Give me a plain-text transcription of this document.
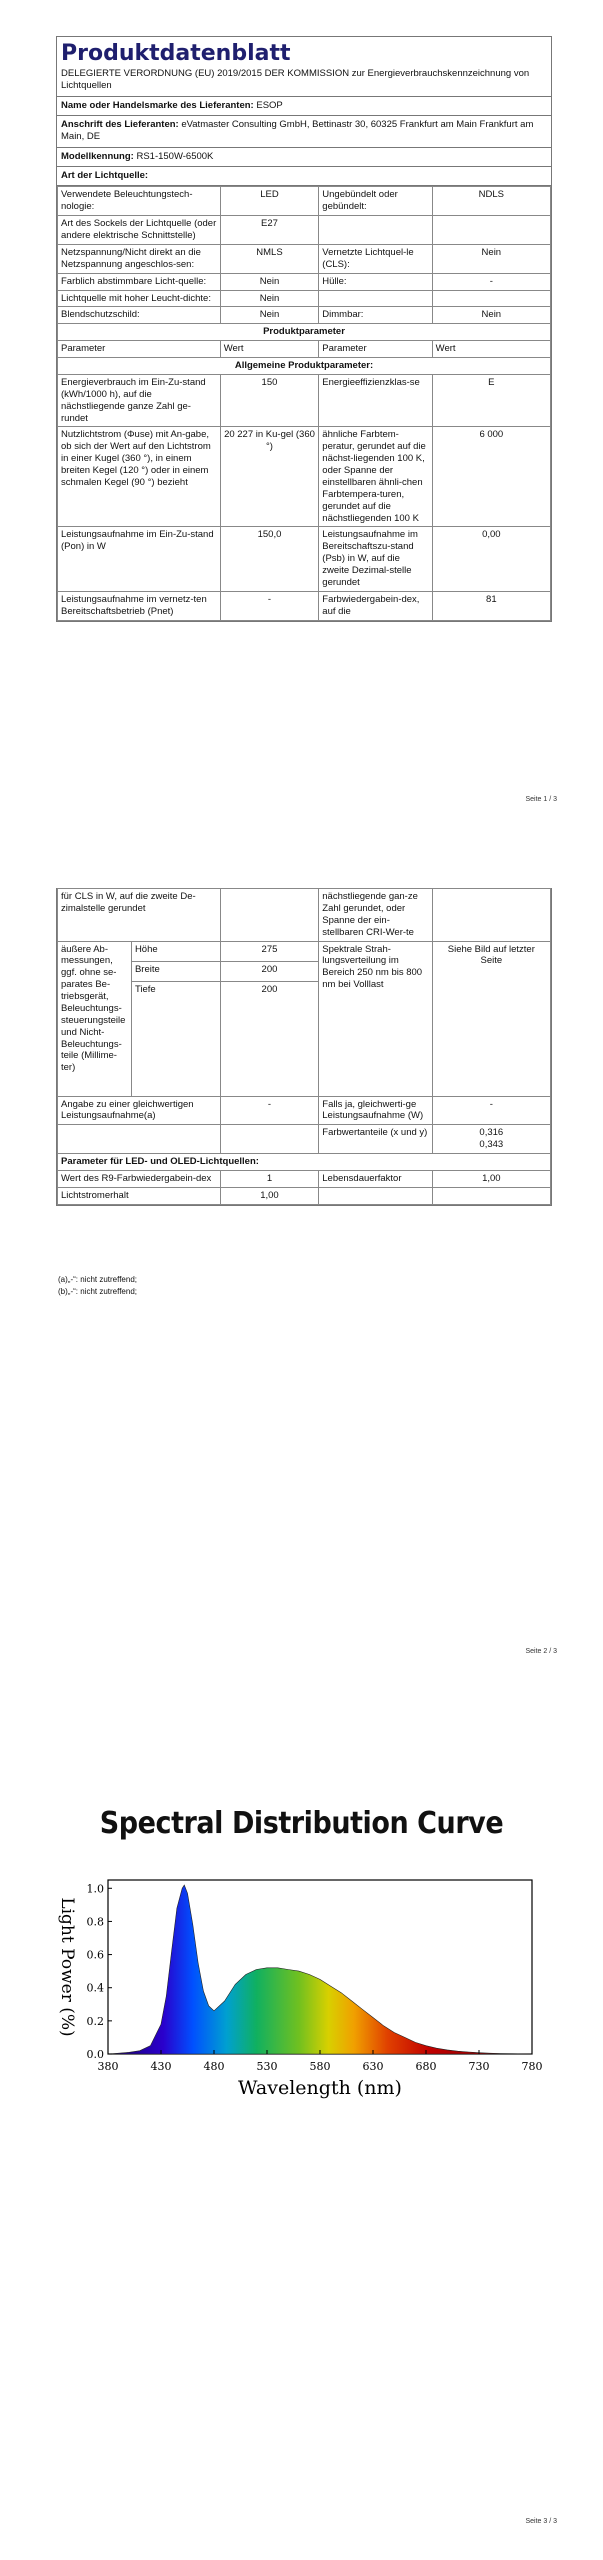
Produktdatenblatt
DELEGIERTE VERORDNUNG (EU) 2019/2015 DER KOMMISSION zur Energieverbrauchskennzeichnung von Lichtquellen
Name oder Handelsmarke des Lieferanten: ESOP
Anschrift des Lieferanten: eVatmaster Consulting GmbH, Bettinastr 30, 60325 Frankfurt am Main Frankfurt am Main, DE
Modellkennung: RS1-150W-6500K
Art der Lichtquelle:
Verwendete Beleuchtungstech-nologie:	LED	Ungebündelt oder gebündelt:	NDLS
Art des Sockels der Lichtquelle (oder andere elektrische Schnittstelle)	E27		
Netzspannung/Nicht direkt an die Netzspannung angeschlos-sen:	NMLS	Vernetzte Lichtquel-le (CLS):	Nein
Farblich abstimmbare Licht-quelle:	Nein	Hülle:	-
Lichtquelle mit hoher Leucht-dichte:	Nein		
Blendschutzschild:	Nein	Dimmbar:	Nein
Produktparameter			
Parameter	Wert	Parameter	Wert
Allgemeine Produktparameter:			
Energieverbrauch im Ein-Zu-stand (kWh/1000 h), auf die nächstliegende ganze Zahl ge-rundet	150	Energieeffizienzklas-se	E
Nutzlichtstrom (Φuse) mit An-gabe, ob sich der Wert auf den Lichtstrom in einer Kugel (360 °), in einem breiten Kegel (120 °) oder in einem schmalen Kegel (90 °) bezieht	20 227 in Ku-gel (360 °)	ähnliche Farbtem-peratur, gerundet auf die nächst-liegenden 100 K, oder Spanne der einstellbaren ähnli-chen Farbtempera-turen, gerundet auf die nächstliegenden 100 K	6 000
Leistungsaufnahme im Ein-Zu-stand (Pon) in W	150,0	Leistungsaufnahme im Bereitschaftszu-stand (Psb) in W, auf die zweite Dezimal-stelle gerundet	0,00
Leistungsaufnahme im vernetz-ten Bereitschaftsbetrieb (Pnet)	-	Farbwiedergabein-dex, auf die	81
Seite 1 / 3
für CLS in W, auf die zweite De-zimalstelle gerundet			nächstliegende gan-ze Zahl gerundet, oder Spanne der ein-stellbaren CRI-Wer-te	
äußere Ab-messungen, ggf. ohne se-parates Be-triebsgerät, Beleuchtungs-steuerungsteile und Nicht-Beleuchtungs-teile (Millime-ter)	Höhe	275	Spektrale Strah-lungsverteilung im Bereich 250 nm bis 800 nm bei Volllast	Siehe Bild auf letzter Seite
	Breite	200		
	Tiefe	200		
Angabe zu einer gleichwertigen Leistungsaufnahme(a)		-	Falls ja, gleichwerti-ge Leistungsaufnahme (W)	-
			Farbwertanteile (x und y)	0,316
0,343
Parameter für LED- und OLED-Lichtquellen:				
Wert des R9-Farbwiedergabein-dex		1	Lebensdauerfaktor	1,00
Lichtstromerhalt		1,00		
(a)„-“: nicht zutreffend;
(b)„-“: nicht zutreffend;
Seite 2 / 3
Spectral Distribution Curve
380	430	480	530	580	630	680	730	780
0.0
0.2
0.4
0.6
0.8
1.0
Wavelength (nm)
Light Power (%)
Seite 3 / 3
